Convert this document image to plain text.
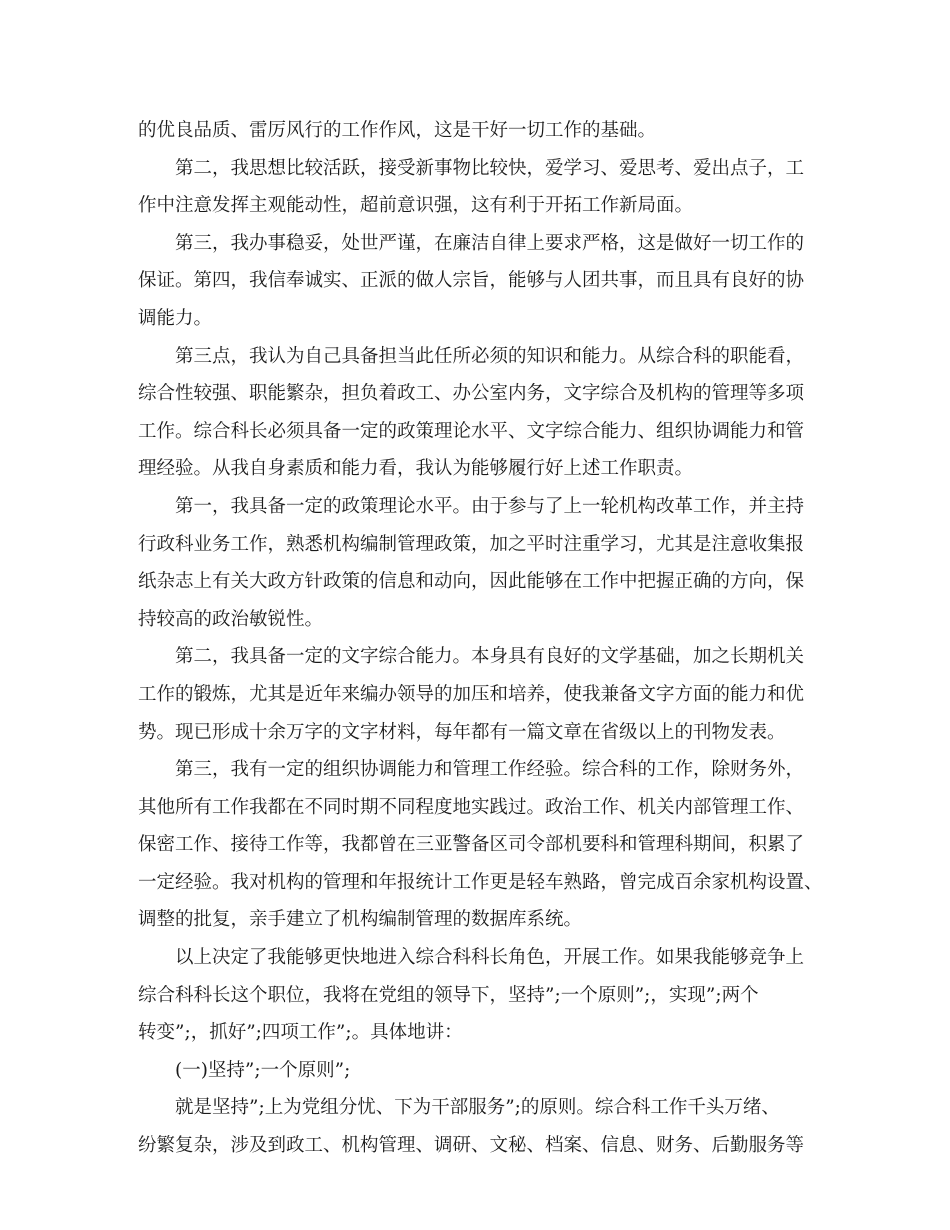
的优良品质、雷厉风行的工作作风，这是干好一切工作的基础。
第二，我思想比较活跃，接受新事物比较快，爱学习、爱思考、爱出点子，工
作中注意发挥主观能动性，超前意识强，这有利于开拓工作新局面。
第三，我办事稳妥，处世严谨，在廉洁自律上要求严格，这是做好一切工作的
保证。第四，我信奉诚实、正派的做人宗旨，能够与人团共事，而且具有良好的协
调能力。
第三点，我认为自己具备担当此任所必须的知识和能力。从综合科的职能看，
综合性较强、职能繁杂，担负着政工、办公室内务，文字综合及机构的管理等多项
工作。综合科长必须具备一定的政策理论水平、文字综合能力、组织协调能力和管
理经验。从我自身素质和能力看，我认为能够履行好上述工作职责。
第一，我具备一定的政策理论水平。由于参与了上一轮机构改革工作，并主持
行政科业务工作，熟悉机构编制管理政策，加之平时注重学习，尤其是注意收集报
纸杂志上有关大政方针政策的信息和动向，因此能够在工作中把握正确的方向，保
持较高的政治敏锐性。
第二，我具备一定的文字综合能力。本身具有良好的文学基础，加之长期机关
工作的锻炼，尤其是近年来编办领导的加压和培养，使我兼备文字方面的能力和优
势。现已形成十余万字的文字材料，每年都有一篇文章在省级以上的刊物发表。
第三，我有一定的组织协调能力和管理工作经验。综合科的工作，除财务外，
其他所有工作我都在不同时期不同程度地实践过。政治工作、机关内部管理工作、
保密工作、接待工作等，我都曾在三亚警备区司令部机要科和管理科期间，积累了
一定经验。我对机构的管理和年报统计工作更是轻车熟路，曾完成百余家机构设置、
调整的批复，亲手建立了机构编制管理的数据库系统。
以上决定了我能够更快地进入综合科科长角色，开展工作。如果我能够竞争上
综合科科长这个职位，我将在党组的领导下，坚持”;一个原则”;，实现”;两个
转变”;，抓好”;四项工作”;。具体地讲：
(一)坚持”;一个原则”;
就是坚持”;上为党组分忧、下为干部服务”;的原则。综合科工作千头万绪、
纷繁复杂，涉及到政工、机构管理、调研、文秘、档案、信息、财务、后勤服务等
